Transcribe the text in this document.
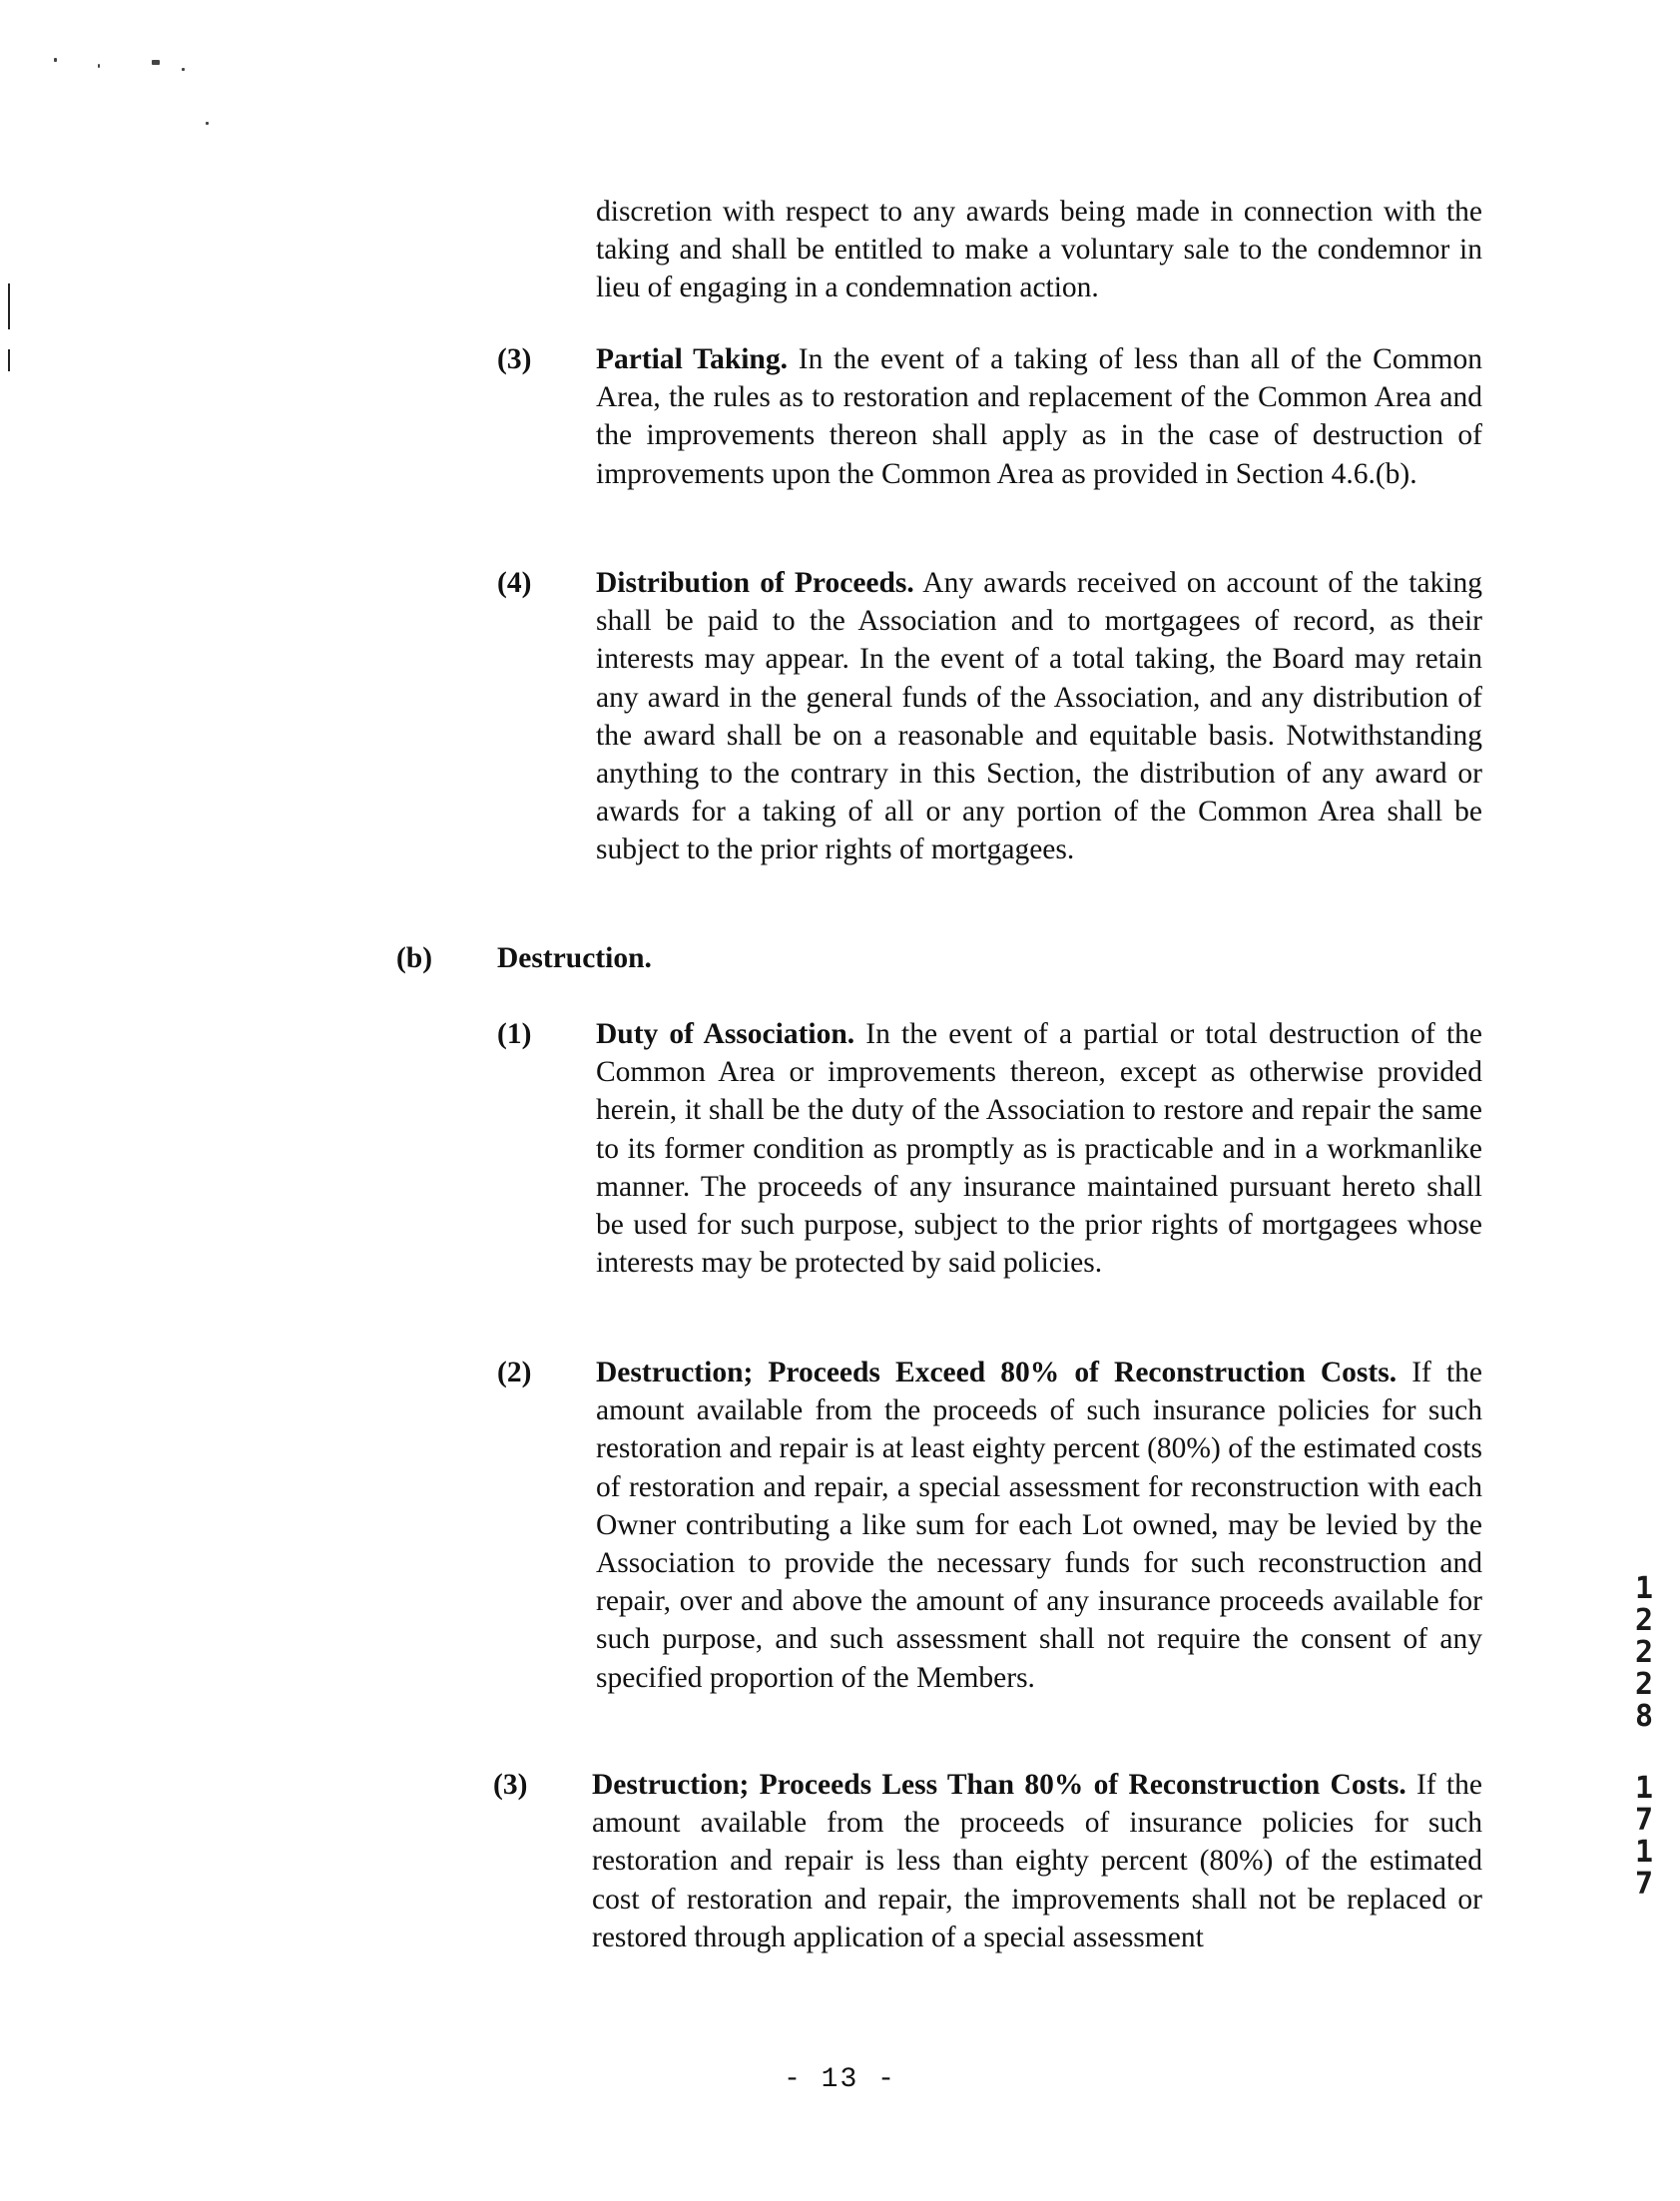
discretion with respect to any awards being made in connection with the taking and shall be entitled to make a voluntary sale to the condemnor in lieu of engaging in a condemnation action.

(3) Partial Taking. In the event of a taking of less than all of the Common Area, the rules as to restoration and replacement of the Common Area and the improvements thereon shall apply as in the case of destruction of improvements upon the Common Area as provided in Section 4.6.(b).

(4) Distribution of Proceeds. Any awards received on account of the taking shall be paid to the Association and to mortgagees of record, as their interests may appear. In the event of a total taking, the Board may retain any award in the general funds of the Association, and any distribution of the award shall be on a reasonable and equitable basis. Notwithstanding anything to the contrary in this Section, the distribution of any award or awards for a taking of all or any portion of the Common Area shall be subject to the prior rights of mortgagees.

(b) Destruction.

(1) Duty of Association. In the event of a partial or total destruction of the Common Area or improvements thereon, except as otherwise provided herein, it shall be the duty of the Association to restore and repair the same to its former condition as promptly as is practicable and in a workmanlike manner. The proceeds of any insurance maintained pursuant hereto shall be used for such purpose, subject to the prior rights of mortgagees whose interests may be protected by said policies.

(2) Destruction; Proceeds Exceed 80% of Reconstruction Costs. If the amount available from the proceeds of such insurance policies for such restoration and repair is at least eighty percent (80%) of the estimated costs of restoration and repair, a special assessment for reconstruction with each Owner contributing a like sum for each Lot owned, may be levied by the Association to provide the necessary funds for such reconstruction and repair, over and above the amount of any insurance proceeds available for such purpose, and such assessment shall not require the consent of any specified proportion of the Members.

(3) Destruction; Proceeds Less Than 80% of Reconstruction Costs. If the amount available from the proceeds of insurance policies for such restoration and repair is less than eighty percent (80%) of the estimated cost of restoration and repair, the improvements shall not be replaced or restored through application of a special assessment

1
2
2
2
8
1
7
1
7
- 13 -
